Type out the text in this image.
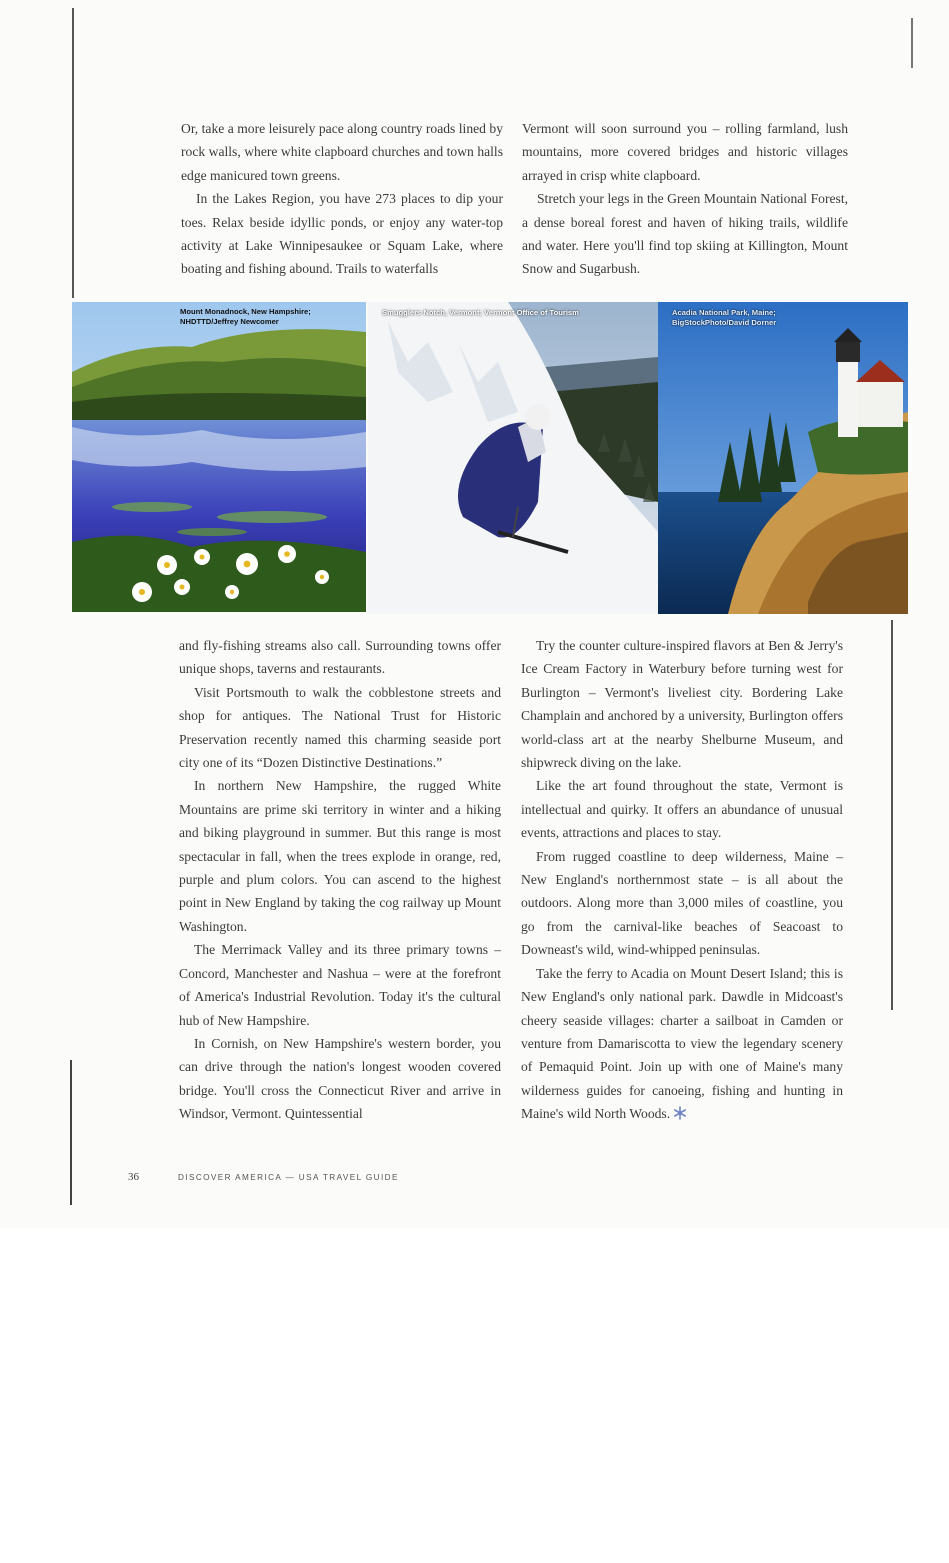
Or, take a more leisurely pace along country roads lined by rock walls, where white clapboard churches and town halls edge manicured town greens.

In the Lakes Region, you have 273 places to dip your toes. Relax beside idyllic ponds, or enjoy any water-top activity at Lake Winnipesaukee or Squam Lake, where boating and fishing abound. Trails to waterfalls

Vermont will soon surround you – rolling farmland, lush mountains, more covered bridges and historic villages arrayed in crisp white clapboard.

Stretch your legs in the Green Mountain National Forest, a dense boreal forest and haven of hiking trails, wildlife and water. Here you'll find top skiing at Killington, Mount Snow and Sugarbush.

Mount Monadnock, New Hampshire; NHDTTD/Jeffrey Newcomer
Smugglers Notch, Vermont; Vermont Office of Tourism	Acadia National Park, Maine; BigStockPhoto/David Dorner

and fly-fishing streams also call. Surrounding towns offer unique shops, taverns and restaurants.

Visit Portsmouth to walk the cobblestone streets and shop for antiques. The National Trust for Historic Preservation recently named this charming seaside port city one of its “Dozen Distinctive Destinations.”

In northern New Hampshire, the rugged White Mountains are prime ski territory in winter and a hiking and biking playground in summer. But this range is most spectacular in fall, when the trees explode in orange, red, purple and plum colors. You can ascend to the highest point in New England by taking the cog railway up Mount Washington.

The Merrimack Valley and its three primary towns – Concord, Manchester and Nashua – were at the forefront of America's Industrial Revolution. Today it's the cultural hub of New Hampshire.

In Cornish, on New Hampshire's western border, you can drive through the nation's longest wooden covered bridge. You'll cross the Connecticut River and arrive in Windsor, Vermont. Quintessential

Try the counter culture-inspired flavors at Ben & Jerry's Ice Cream Factory in Waterbury before turning west for Burlington – Vermont's liveliest city. Bordering Lake Champlain and anchored by a university, Burlington offers world-class art at the nearby Shelburne Museum, and shipwreck diving on the lake.

Like the art found throughout the state, Vermont is intellectual and quirky. It offers an abundance of unusual events, attractions and places to stay.

From rugged coastline to deep wilderness, Maine – New England's northernmost state – is all about the outdoors. Along more than 3,000 miles of coastline, you go from the carnival-like beaches of Seacoast to Downeast's wild, wind-whipped peninsulas.

Take the ferry to Acadia on Mount Desert Island; this is New England's only national park. Dawdle in Midcoast's cheery seaside villages: charter a sailboat in Camden or venture from Damariscotta to view the legendary scenery of Pemaquid Point. Join up with one of Maine's many wilderness guides for canoeing, fishing and hunting in Maine's wild North Woods.

36	DISCOVER AMERICA — USA TRAVEL GUIDE
